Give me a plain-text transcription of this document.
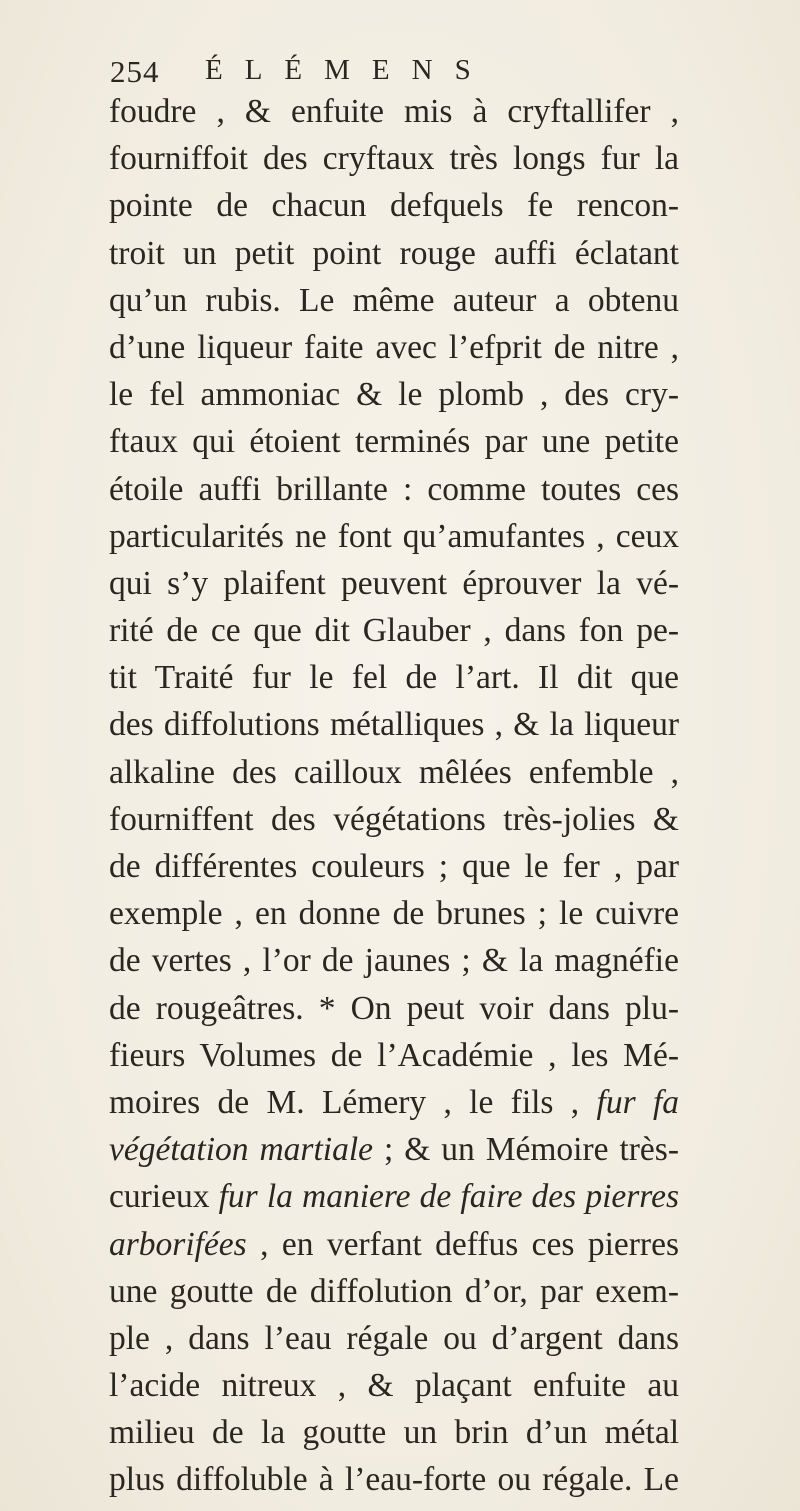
254 ÉLÉMENS
foudre , & enfuite mis à cryftallifer ,
fourniffoit des cryftaux très longs fur la
pointe de chacun defquels fe rencon-
troit un petit point rouge auffi éclatant
qu’un rubis. Le même auteur a obtenu
d’une liqueur faite avec l’efprit de nitre ,
le fel ammoniac & le plomb , des cry-
ftaux qui étoient terminés par une petite
étoile auffi brillante : comme toutes ces
particularités ne font qu’amufantes , ceux
qui s’y plaifent peuvent éprouver la vé-
rité de ce que dit Glauber , dans fon pe-
tit Traité fur le fel de l’art. Il dit que
des diffolutions métalliques , & la liqueur
alkaline des cailloux mêlées enfemble ,
fourniffent des végétations très-jolies &
de différentes couleurs ; que le fer , par
exemple , en donne de brunes ; le cuivre
de vertes , l’or de jaunes ; & la magnéfie
de rougeâtres. * On peut voir dans plu-
fieurs Volumes de l’Académie , les Mé-
moires de M. Lémery , le fils , fur fa
végétation martiale ; & un Mémoire très-
curieux fur la maniere de faire des pierres
arborifées , en verfant deffus ces pierres
une goutte de diffolution d’or, par exem-
ple , dans l’eau régale ou d’argent dans
l’acide nitreux , & plaçant enfuite au
milieu de la goutte un brin d’un métal
plus diffoluble à l’eau-forte ou régale. Le
